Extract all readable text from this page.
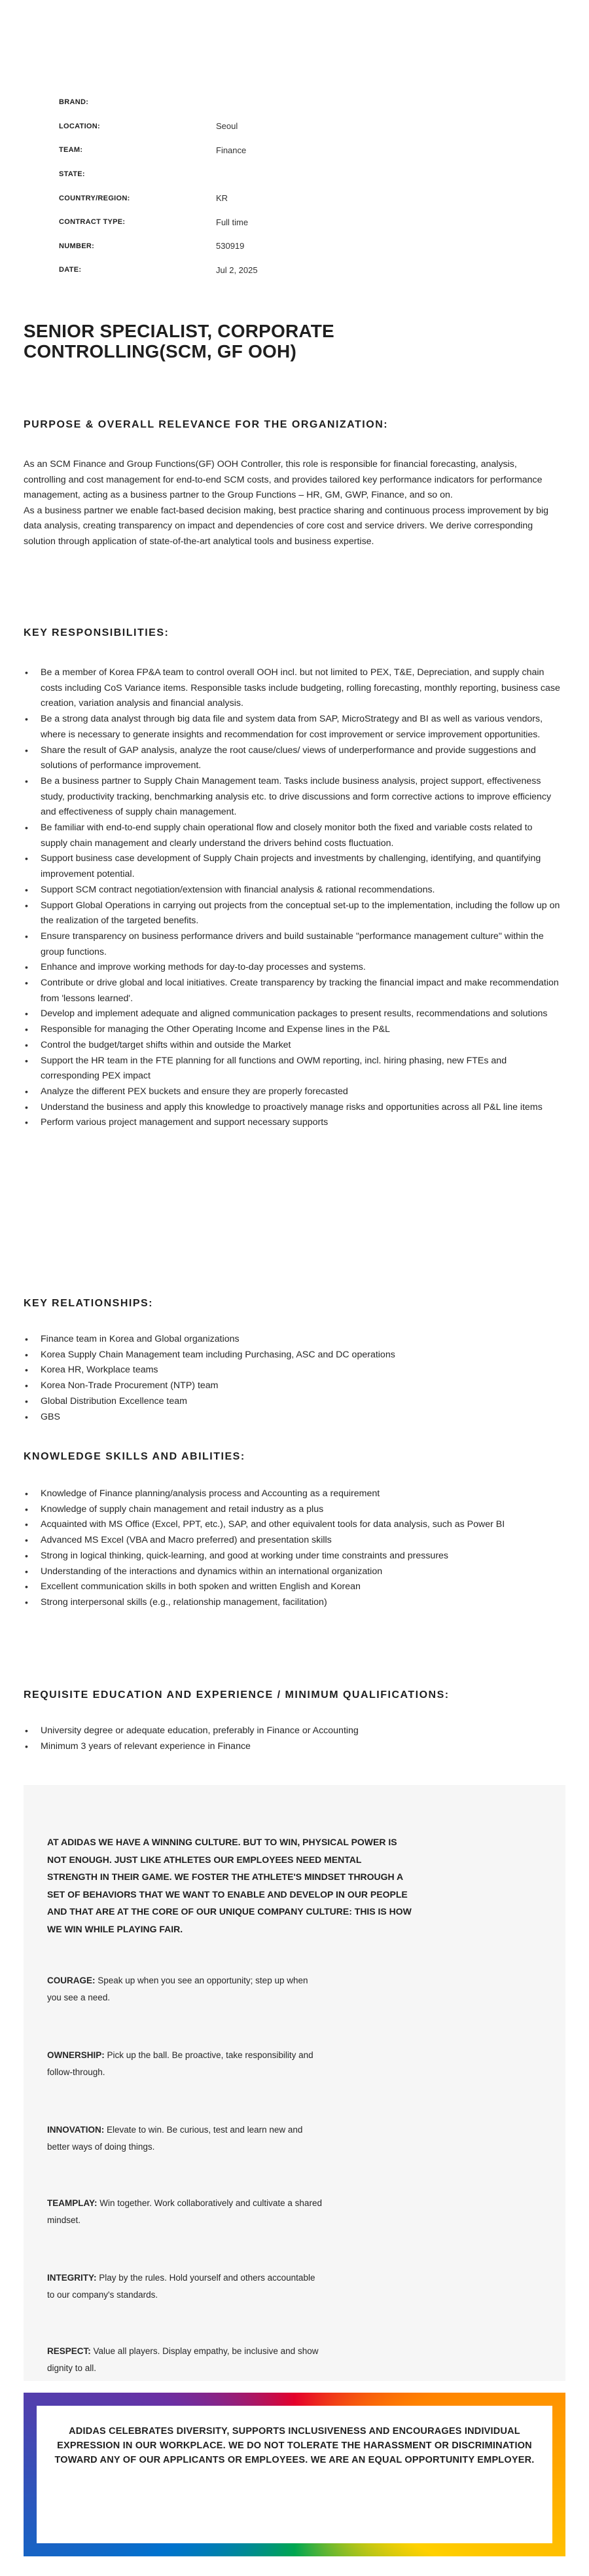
BRAND:
LOCATION:	Seoul
TEAM:	Finance
STATE:
COUNTRY/REGION:	KR
CONTRACT TYPE:	Full time
NUMBER:	530919
DATE:	Jul 2, 2025
SENIOR SPECIALIST, CORPORATE CONTROLLING(SCM, GF OOH)
PURPOSE & OVERALL RELEVANCE FOR THE ORGANIZATION:

As an SCM Finance and Group Functions(GF) OOH Controller, this role is responsible for financial forecasting, analysis, controlling and cost management for end-to-end SCM costs, and provides tailored key performance indicators for performance management, acting as a business partner to the Group Functions – HR, GM, GWP, Finance, and so on.

As a business partner we enable fact-based decision making, best practice sharing and continuous process improvement by big data analysis, creating transparency on impact and dependencies of core cost and service drivers. We derive corresponding solution through application of state-of-the-art analytical tools and business expertise.

KEY RESPONSIBILITIES:
• Be a member of Korea FP&A team to control overall OOH incl. but not limited to PEX, T&E, Depreciation, and supply chain costs including CoS Variance items. Responsible tasks include budgeting, rolling forecasting, monthly reporting, business case creation, variation analysis and financial analysis.
• Be a strong data analyst through big data file and system data from SAP, MicroStrategy and BI as well as various vendors, where is necessary to generate insights and recommendation for cost improvement or service improvement opportunities.
• Share the result of GAP analysis, analyze the root cause/clues/ views of underperformance and provide suggestions and solutions of performance improvement.
• Be a business partner to Supply Chain Management team. Tasks include business analysis, project support, effectiveness study, productivity tracking, benchmarking analysis etc. to drive discussions and form corrective actions to improve efficiency and effectiveness of supply chain management.
• Be familiar with end-to-end supply chain operational flow and closely monitor both the fixed and variable costs related to supply chain management and clearly understand the drivers behind costs fluctuation.
• Support business case development of Supply Chain projects and investments by challenging, identifying, and quantifying improvement potential.
• Support SCM contract negotiation/extension with financial analysis & rational recommendations.
• Support Global Operations in carrying out projects from the conceptual set-up to the implementation, including the follow up on the realization of the targeted benefits.
• Ensure transparency on business performance drivers and build sustainable "performance management culture" within the group functions.
• Enhance and improve working methods for day-to-day processes and systems.
• Contribute or drive global and local initiatives. Create transparency by tracking the financial impact and make recommendation from 'lessons learned'.
• Develop and implement adequate and aligned communication packages to present results, recommendations and solutions
• Responsible for managing the Other Operating Income and Expense lines in the P&L
• Control the budget/target shifts within and outside the Market
• Support the HR team in the FTE planning for all functions and OWM reporting, incl. hiring phasing, new FTEs and corresponding PEX impact
• Analyze the different PEX buckets and ensure they are properly forecasted
• Understand the business and apply this knowledge to proactively manage risks and opportunities across all P&L line items
• Perform various project management and support necessary supports
KEY RELATIONSHIPS:
• Finance team in Korea and Global organizations
• Korea Supply Chain Management team including Purchasing, ASC and DC operations
• Korea HR, Workplace teams
• Korea Non-Trade Procurement (NTP) team
• Global Distribution Excellence team
• GBS
KNOWLEDGE SKILLS AND ABILITIES:
• Knowledge of Finance planning/analysis process and Accounting as a requirement
• Knowledge of supply chain management and retail industry as a plus
• Acquainted with MS Office (Excel, PPT, etc.), SAP, and other equivalent tools for data analysis, such as Power BI
• Advanced MS Excel (VBA and Macro preferred) and presentation skills
• Strong in logical thinking, quick-learning, and good at working under time constraints and pressures
• Understanding of the interactions and dynamics within an international organization
• Excellent communication skills in both spoken and written English and Korean
• Strong interpersonal skills (e.g., relationship management, facilitation)
REQUISITE EDUCATION AND EXPERIENCE / MINIMUM QUALIFICATIONS:
• University degree or adequate education, preferably in Finance or Accounting
• Minimum 3 years of relevant experience in Finance

AT ADIDAS WE HAVE A WINNING CULTURE. BUT TO WIN, PHYSICAL POWER IS NOT ENOUGH. JUST LIKE ATHLETES OUR EMPLOYEES NEED MENTAL STRENGTH IN THEIR GAME. WE FOSTER THE ATHLETE'S MINDSET THROUGH A SET OF BEHAVIORS THAT WE WANT TO ENABLE AND DEVELOP IN OUR PEOPLE AND THAT ARE AT THE CORE OF OUR UNIQUE COMPANY CULTURE: THIS IS HOW WE WIN WHILE PLAYING FAIR.

COURAGE: Speak up when you see an opportunity; step up when you see a need.

OWNERSHIP: Pick up the ball. Be proactive, take responsibility and follow-through.

INNOVATION: Elevate to win. Be curious, test and learn new and better ways of doing things.

TEAMPLAY: Win together. Work collaboratively and cultivate a shared mindset.

INTEGRITY: Play by the rules. Hold yourself and others accountable to our company's standards.

RESPECT: Value all players. Display empathy, be inclusive and show dignity to all.

ADIDAS CELEBRATES DIVERSITY, SUPPORTS INCLUSIVENESS AND ENCOURAGES INDIVIDUAL EXPRESSION IN OUR WORKPLACE. WE DO NOT TOLERATE THE HARASSMENT OR DISCRIMINATION TOWARD ANY OF OUR APPLICANTS OR EMPLOYEES. WE ARE AN EQUAL OPPORTUNITY EMPLOYER.
